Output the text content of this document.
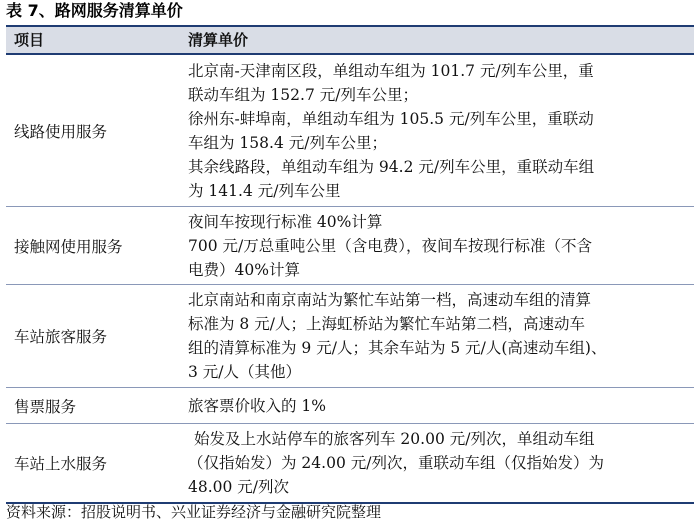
表 7、路网服务清算单价
项目	清算单价
线路使用服务
北京南-天津南区段，单组动车组为 101.7 元/列车公里，重
联动车组为 152.7 元/列车公里；
徐州东-蚌埠南，单组动车组为 105.5 元/列车公里，重联动
车组为 158.4 元/列车公里；
其余线路段，单组动车组为 94.2 元/列车公里，重联动车组
为 141.4 元/列车公里
接触网使用服务
夜间车按现行标准 40%计算
700 元/万总重吨公里（含电费），夜间车按现行标准（不含
电费）40%计算
车站旅客服务
北京南站和南京南站为繁忙车站第一档，高速动车组的清算
标准为 8 元/人；上海虹桥站为繁忙车站第二档，高速动车
组的清算标准为 9 元/人；其余车站为 5 元/人(高速动车组)、
3 元/人（其他）
售票服务	旅客票价收入的 1%
车站上水服务
始发及上水站停车的旅客列车 20.00 元/列次，单组动车组
（仅指始发）为 24.00 元/列次，重联动车组（仅指始发）为
48.00 元/列次
资料来源：招股说明书、兴业证券经济与金融研究院整理
